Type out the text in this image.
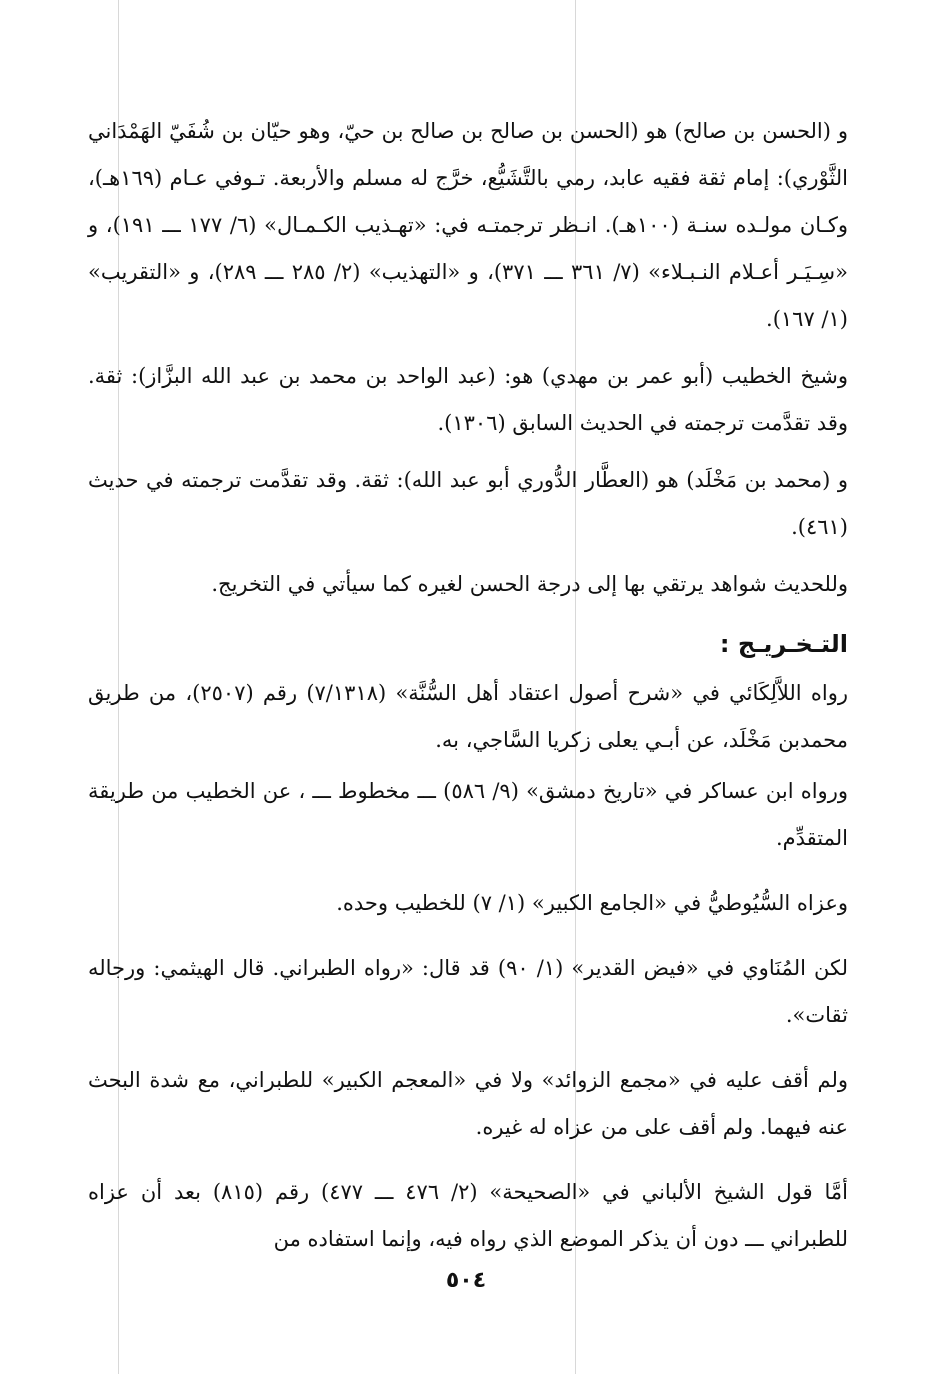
و (الحسن بن صالح) هو (الحسن بن صالح بن صالح بن حيّ، وهو حيّان بن شُفَيّ الهَمْدَاني الثَّوْري): إمام ثقة فقيه عابد، رمي بالتَّشَيُّع، خرَّج له مسلم والأربعة. تـوفي عـام (١٦٩هـ)، وكـان مولـده سنـة (١٠٠هـ). انـظر ترجمتـه في: «تهـذيب الكـمـال» (٦/ ١٧٧ ـــ ١٩١)، و «سِـيَـر أعـلام النـبـلاء» (٧/ ٣٦١ ـــ ٣٧١)، و «التهذيب» (٢/ ٢٨٥ ـــ ٢٨٩)، و «التقريب» (١/ ١٦٧).

وشيخ الخطيب (أبو عمر بن مهدي) هو: (عبد الواحد بن محمد بن عبد الله البزَّاز): ثقة. وقد تقدَّمت ترجمته في الحديث السابق (١٣٠٦).

و (محمد بن مَخْلَد) هو (العطَّار الدُّوري أبو عبد الله): ثقة. وقد تقدَّمت ترجمته في حديث (٤٦١).

وللحديث شواهد يرتقي بها إلى درجة الحسن لغيره كما سيأتي في التخريج.

التـخـريـج :

رواه اللاَّلِكَائي في «شرح أصول اعتقاد أهل السُّنَّة» (٧/١٣١٨) رقم (٢٥٠٧)، من طريق محمدبن مَخْلَد، عن أبـي يعلى زكريا السَّاجي، به.

ورواه ابن عساكر في «تاريخ دمشق» (٩/ ٥٨٦) ـــ مخطوط ـــ ، عن الخطيب من طريقة المتقدِّم.

وعزاه السُّيُوطيُّ في «الجامع الكبير» (١/ ٧) للخطيب وحده.

لكن المُنَاوي في «فيض القدير» (١/ ٩٠) قد قال: «رواه الطبراني. قال الهيثمي: ورجاله ثقات».

ولم أقف عليه في «مجمع الزوائد» ولا في «المعجم الكبير» للطبراني، مع شدة البحث عنه فيهما. ولم أقف على من عزاه له غيره.

أمَّا قول الشيخ الألباني في «الصحيحة» (٢/ ٤٧٦ ـــ ٤٧٧) رقم (٨١٥) بعد أن عزاه للطبراني ـــ دون أن يذكر الموضع الذي رواه فيه، وإنما استفاده من

٥٠٤
